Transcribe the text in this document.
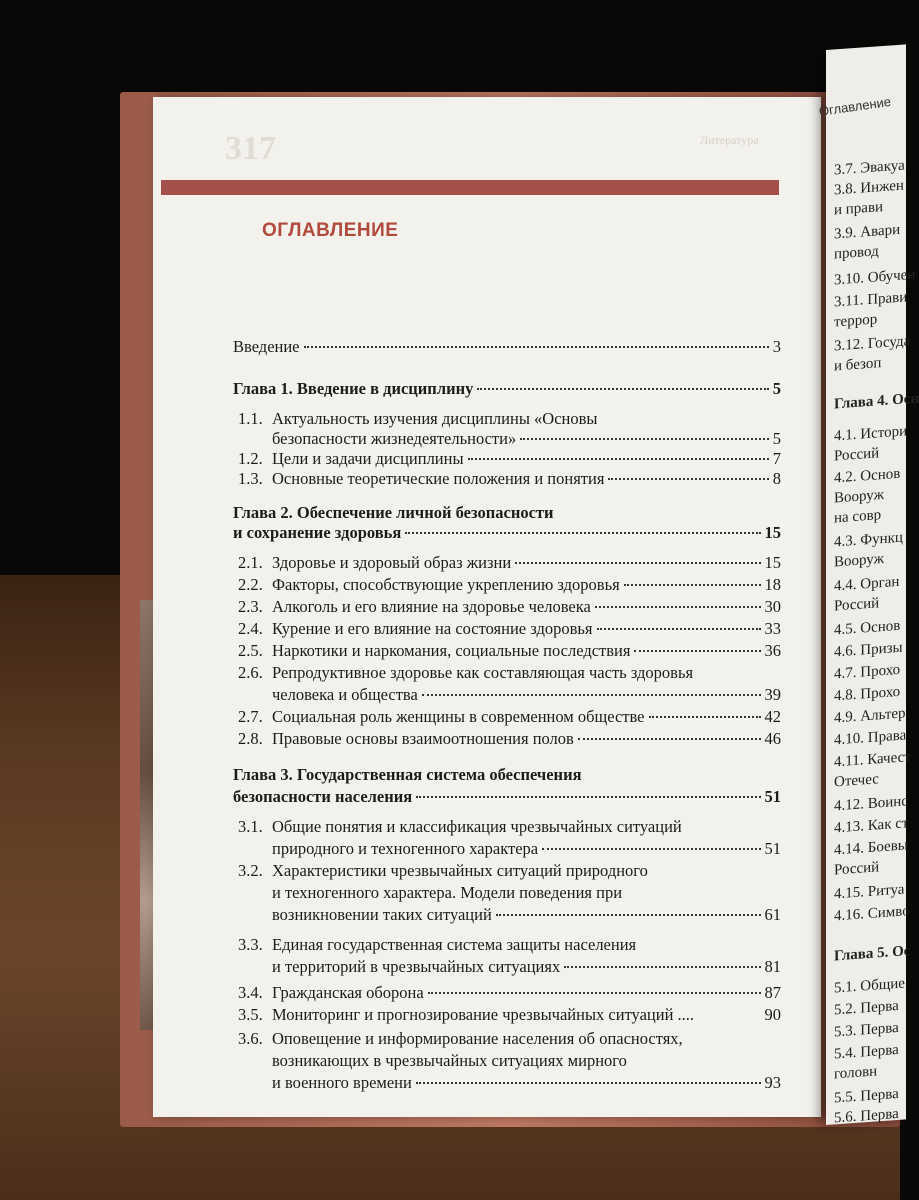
317	Литература
ОГЛАВЛЕНИЕ
Введение	3
Глава 1. Введение в дисциплину	5
1.1. Актуальность изучения дисциплины «Основы
безопасности жизнедеятельности»	5
1.2. Цели и задачи дисциплины	7
1.3. Основные теоретические положения и понятия	8
Глава 2. Обеспечение личной безопасности
и сохранение здоровья	15
2.1. Здоровье и здоровый образ жизни	15
2.2. Факторы, способствующие укреплению здоровья	18
2.3. Алкоголь и его влияние на здоровье человека	30
2.4. Курение и его влияние на состояние здоровья	33
2.5. Наркотики и наркомания, социальные последствия	36
2.6. Репродуктивное здоровье как составляющая часть здоровья
человека и общества	39
2.7. Социальная роль женщины в современном обществе	42
2.8. Правовые основы взаимоотношения полов	46
Глава 3. Государственная система обеспечения
безопасности населения	51
3.1. Общие понятия и классификация чрезвычайных ситуаций
природного и техногенного характера	51
3.2. Характеристики чрезвычайных ситуаций природного
и техногенного характера. Модели поведения при
возникновении таких ситуаций	61
3.3. Единая государственная система защиты населения
и территорий в чрезвычайных ситуациях	81
3.4. Гражданская оборона	87
3.5. Мониторинг и прогнозирование чрезвычайных ситуаций ....	90
3.6. Оповещение и информирование населения об опасностях,
возникающих в чрезвычайных ситуациях мирного
и военного времени	93
3.7. Эвакуа
3.8. Инжен
и прави
3.9. Авари
провод
3.10. Обучен
3.11. Прави
террор
3.12. Госуда
и безоп
Глава 4. Осн
4.1. Истори
Россий
4.2. Основ
Вооруж
на совр
4.3. Функц
Вооруж
4.4. Орган
Россий
4.5. Основ
4.6. Призы
4.7. Прохо
4.8. Прохо
4.9. Альтер
4.10. Права
4.11. Качест
Отечес
4.12. Воинс
4.13. Как ст
4.14. Боевы
Россий
4.15. Ритуа
4.16. Симво
Глава 5. Ос
5.1. Общие
5.2. Перва
5.3. Перва
5.4. Перва
головн
5.5. Перва
5.6. Перва
Оглавление
